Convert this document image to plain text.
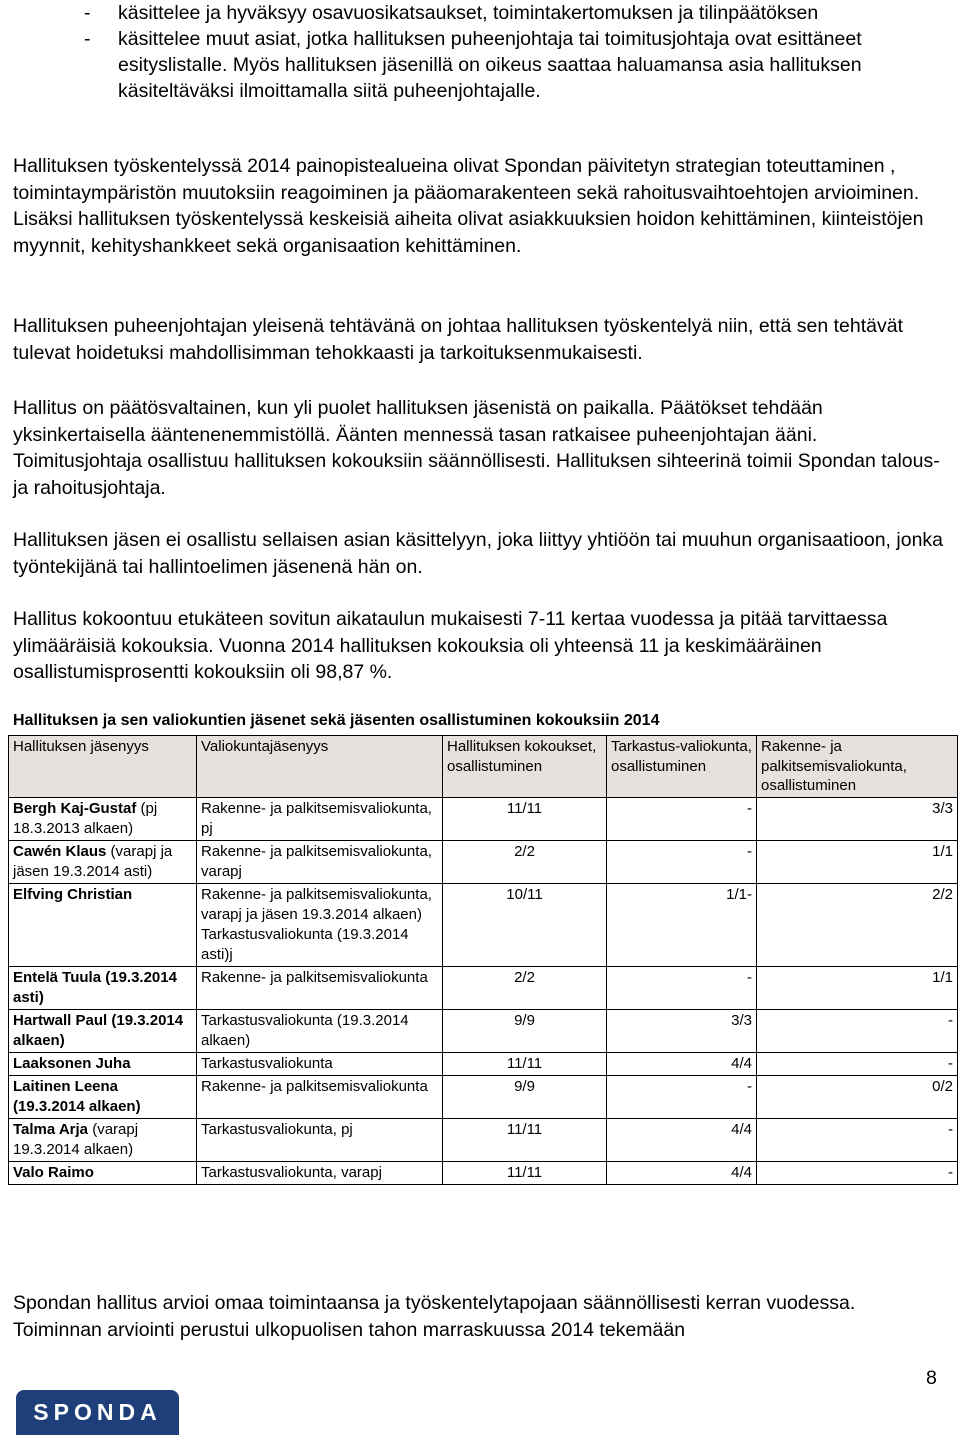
-	käsittelee ja hyväksyy osavuosikatsaukset, toimintakertomuksen ja tilinpäätöksen
-	käsittelee muut asiat, jotka hallituksen puheenjohtaja tai toimitusjohtaja ovat esittäneet esityslistalle. Myös hallituksen jäsenillä on oikeus saattaa haluamansa asia hallituksen käsiteltäväksi ilmoittamalla siitä puheenjohtajalle.

Hallituksen työskentelyssä 2014 painopistealueina olivat Spondan päivitetyn strategian toteuttaminen , toimintaympäristön muutoksiin reagoiminen ja pääomarakenteen sekä rahoitusvaihtoehtojen arvioiminen. Lisäksi hallituksen työskentelyssä keskeisiä aiheita olivat asiakkuuksien hoidon kehittäminen, kiinteistöjen myynnit, kehityshankkeet sekä organisaation kehittäminen.

Hallituksen puheenjohtajan yleisenä tehtävänä on johtaa hallituksen työskentelyä niin, että sen tehtävät tulevat hoidetuksi mahdollisimman tehokkaasti ja tarkoituksenmukaisesti.

Hallitus on päätösvaltainen, kun yli puolet hallituksen jäsenistä on paikalla. Päätökset tehdään yksinkertaisella ääntenenemmistöllä. Äänten mennessä tasan ratkaisee puheenjohtajan ääni. Toimitusjohtaja osallistuu hallituksen kokouksiin säännöllisesti. Hallituksen sihteerinä toimii Spondan talous- ja rahoitusjohtaja.

Hallituksen jäsen ei osallistu sellaisen asian käsittelyyn, joka liittyy yhtiöön tai muuhun organisaatioon, jonka työntekijänä tai hallintoelimen jäsenenä hän on.

Hallitus kokoontuu etukäteen sovitun aikataulun mukaisesti 7-11 kertaa vuodessa ja pitää tarvittaessa ylimääräisiä kokouksia. Vuonna 2014 hallituksen kokouksia oli yhteensä 11 ja keskimääräinen osallistumisprosentti kokouksiin oli 98,87 %.

Hallituksen ja sen valiokuntien jäsenet sekä jäsenten osallistuminen kokouksiin 2014
Hallituksen jäsenyys	Valiokuntajäsenyys	Hallituksen kokoukset, osallistuminen	Tarkastus-valiokunta, osallistuminen	Rakenne- ja palkitsemisvaliokunta, osallistuminen
Bergh Kaj-Gustaf (pj 18.3.2013 alkaen)	Rakenne- ja palkitsemisvaliokunta, pj	11/11	-	3/3
Cawén Klaus (varapj ja jäsen 19.3.2014 asti)	Rakenne- ja palkitsemisvaliokunta, varapj	2/2	-	1/1
Elfving Christian	Rakenne- ja palkitsemisvaliokunta, varapj ja jäsen 19.3.2014 alkaen) Tarkastusvaliokunta (19.3.2014 asti)j	10/11	1/1-	2/2
Entelä Tuula (19.3.2014 asti)	Rakenne- ja palkitsemisvaliokunta	2/2	-	1/1
Hartwall Paul (19.3.2014 alkaen)	Tarkastusvaliokunta (19.3.2014 alkaen)	9/9	3/3	-
Laaksonen Juha	Tarkastusvaliokunta	11/11	4/4	-
Laitinen Leena (19.3.2014 alkaen)	Rakenne- ja palkitsemisvaliokunta	9/9	-	0/2
Talma Arja (varapj 19.3.2014 alkaen)	Tarkastusvaliokunta, pj	11/11	4/4	-
Valo Raimo	Tarkastusvaliokunta, varapj	11/11	4/4	-

Spondan hallitus arvioi omaa toimintaansa ja työskentelytapojaan säännöllisesti kerran vuodessa. Toiminnan arviointi perustui ulkopuolisen tahon marraskuussa 2014 tekemään

8
SPONDA
